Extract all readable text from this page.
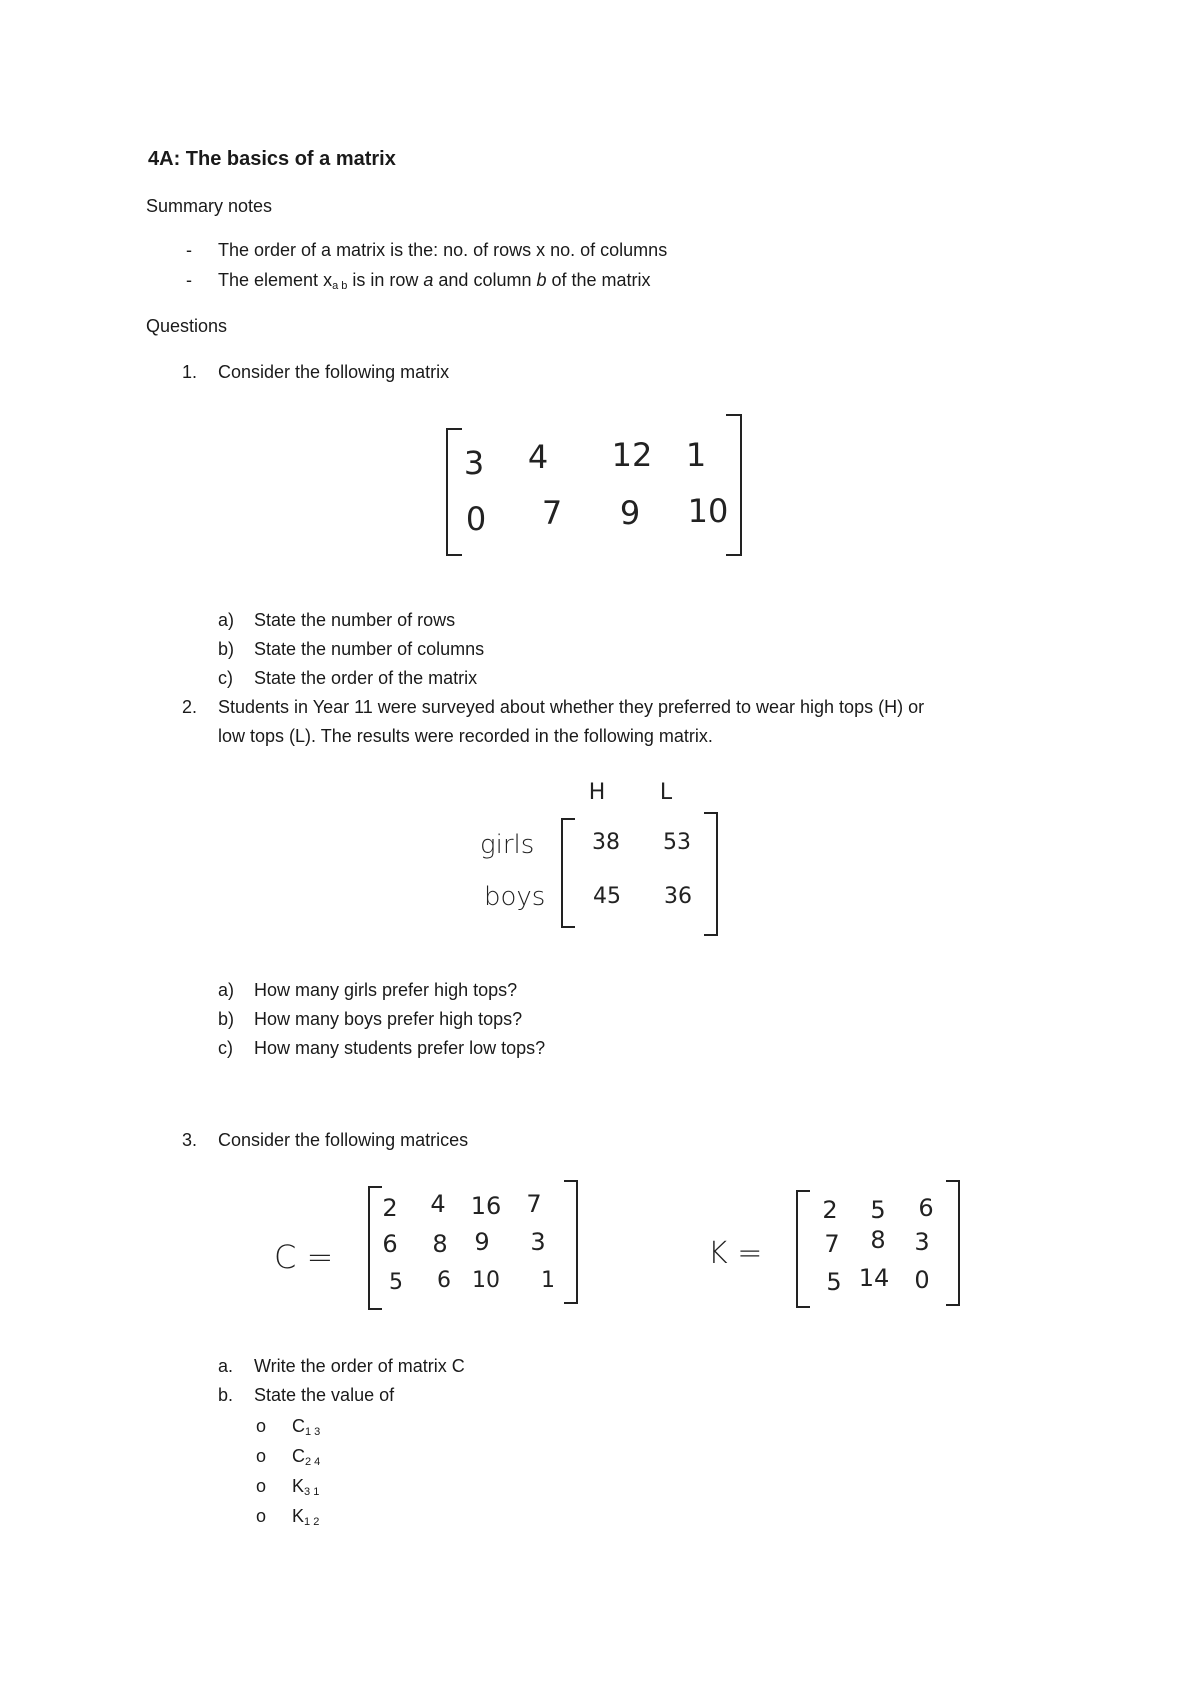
4A: The basics of a matrix
Summary notes
- The order of a matrix is the: no. of rows x no. of columns
- The element $x_{a b}$ is in row a and column b of the matrix
Questions
1. Consider the following matrix
3 4 12 1
0 7 9 10
a) State the number of rows
b) State the number of columns
c) State the order of the matrix
2. Students in Year 11 were surveyed about whether they preferred to wear high tops (H) or
low tops (L). The results were recorded in the following matrix.
H L
girls
boys
38 53
45 36
a) How many girls prefer high tops?
b) How many boys prefer high tops?
c) How many students prefer low tops?
3. Consider the following matrices
C =
2 4 16 7
6 8 9 3
5 6 10 1
K =
2 5 6
7 8 3
5 14 0
a. Write the order of matrix C
b. State the value of
o $C_{1 3}$
o $C_{2 4}$
o $K_{3 1}$
o $K_{1 2}$
